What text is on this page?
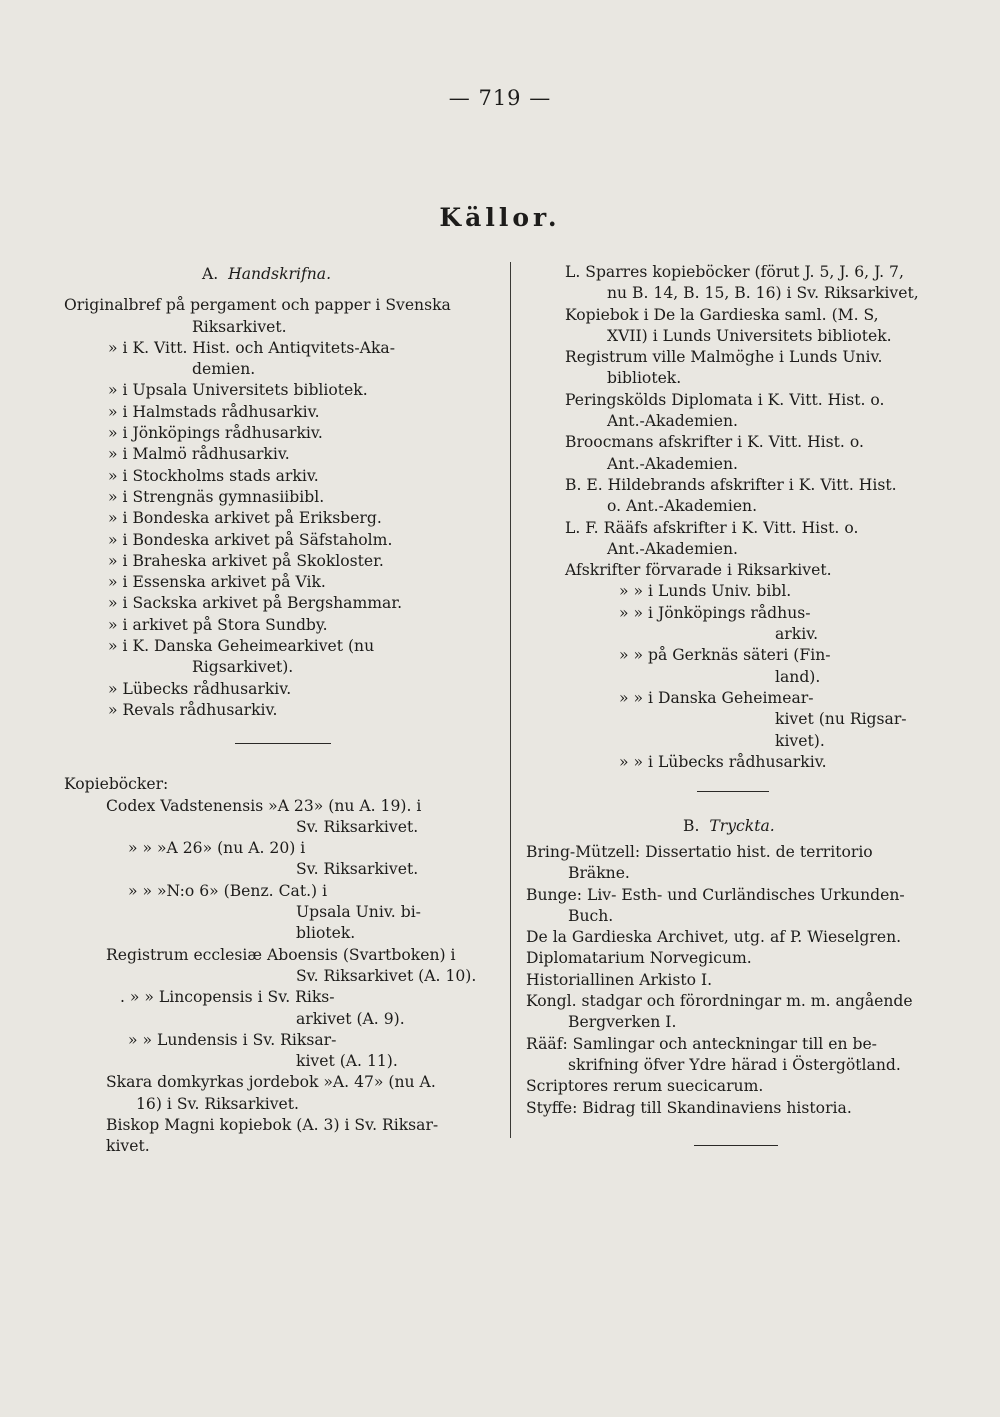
— 719 —
Källor.
A. Handskrifna.
Originalbref på pergament och papper i Svenska
Riksarkivet.
» i K. Vitt. Hist. och Antiqvitets-Aka-
demien.
» i Upsala Universitets bibliotek.
» i Halmstads rådhusarkiv.
» i Jönköpings rådhusarkiv.
» i Malmö rådhusarkiv.
» i Stockholms stads arkiv.
» i Strengnäs gymnasiibibl.
» i Bondeska arkivet på Eriksberg.
» i Bondeska arkivet på Säfstaholm.
» i Braheska arkivet på Skokloster.
» i Essenska arkivet på Vik.
» i Sackska arkivet på Bergshammar.
» i arkivet på Stora Sundby.
» i K. Danska Geheimearkivet (nu
Rigsarkivet).
» Lübecks rådhusarkiv.
» Revals rådhusarkiv.
Kopieböcker:
Codex Vadstenensis »A 23» (nu A. 19). i
Sv. Riksarkivet.
» » »A 26» (nu A. 20) i
Sv. Riksarkivet.
» » »N:o 6» (Benz. Cat.) i
Upsala Univ. bi-
bliotek.
Registrum ecclesiæ Aboensis (Svartboken) i
Sv. Riksarkivet (A. 10).
. » » Lincopensis i Sv. Riks-
arkivet (A. 9).
» » Lundensis i Sv. Riksar-
kivet (A. 11).
Skara domkyrkas jordebok »A. 47» (nu A.
16) i Sv. Riksarkivet.
Biskop Magni kopiebok (A. 3) i Sv. Riksar-
kivet.
L. Sparres kopieböcker (förut J. 5, J. 6, J. 7,
nu B. 14, B. 15, B. 16) i Sv. Riksarkivet,
Kopiebok i De la Gardieska saml. (M. S,
XVII) i Lunds Universitets bibliotek.
Registrum ville Malmöghe i Lunds Univ.
bibliotek.
Peringskölds Diplomata i K. Vitt. Hist. o.
Ant.-Akademien.
Broocmans afskrifter i K. Vitt. Hist. o.
Ant.-Akademien.
B. E. Hildebrands afskrifter i K. Vitt. Hist.
o. Ant.-Akademien.
L. F. Rääfs afskrifter i K. Vitt. Hist. o.
Ant.-Akademien.
Afskrifter förvarade i Riksarkivet.
» » i Lunds Univ. bibl.
» » i Jönköpings rådhus-
arkiv.
» » på Gerknäs säteri (Fin-
land).
» » i Danska Geheimear-
kivet (nu Rigsar-
kivet).
» » i Lübecks rådhusarkiv.
B. Tryckta.
Bring-Mützell: Dissertatio hist. de territorio
Bräkne.
Bunge: Liv- Esth- und Curländisches Urkunden-
Buch.
De la Gardieska Archivet, utg. af P. Wieselgren.
Diplomatarium Norvegicum.
Historiallinen Arkisto I.
Kongl. stadgar och förordningar m. m. angående
Bergverken I.
Rääf: Samlingar och anteckningar till en be-
skrifning öfver Ydre härad i Östergötland.
Scriptores rerum suecicarum.
Styffe: Bidrag till Skandinaviens historia.
